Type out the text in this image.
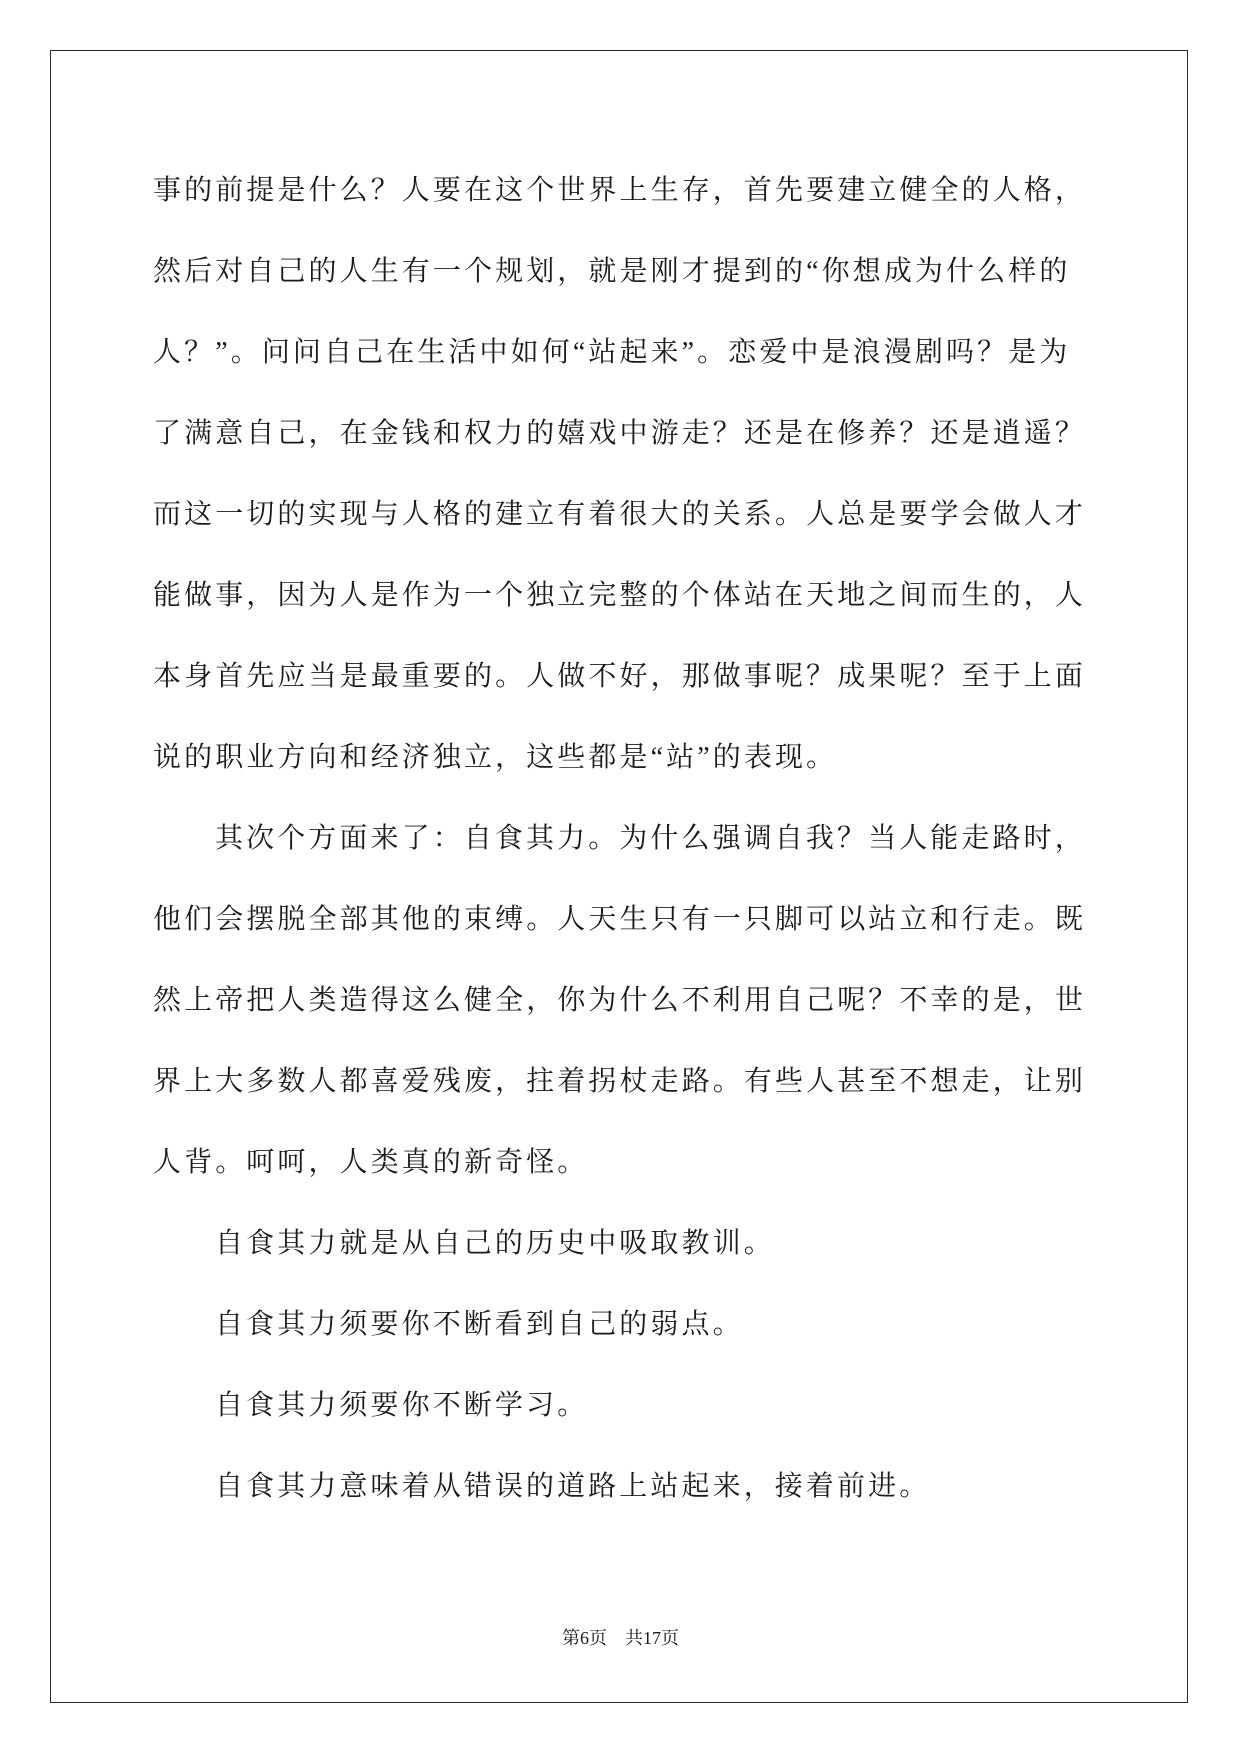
事的前提是什么？人要在这个世界上生存，首先要建立健全的人格，
然后对自己的人生有一个规划，就是刚才提到的“你想成为什么样的
人？”。问问自己在生活中如何“站起来”。恋爱中是浪漫剧吗？是为
了满意自己，在金钱和权力的嬉戏中游走？还是在修养？还是逍遥？
而这一切的实现与人格的建立有着很大的关系。人总是要学会做人才
能做事，因为人是作为一个独立完整的个体站在天地之间而生的，人
本身首先应当是最重要的。人做不好，那做事呢？成果呢？至于上面
说的职业方向和经济独立，这些都是“站”的表现。
其次个方面来了：自食其力。为什么强调自我？当人能走路时，
他们会摆脱全部其他的束缚。人天生只有一只脚可以站立和行走。既
然上帝把人类造得这么健全，你为什么不利用自己呢？不幸的是，世
界上大多数人都喜爱残废，拄着拐杖走路。有些人甚至不想走，让别
人背。呵呵，人类真的新奇怪。
自食其力就是从自己的历史中吸取教训。
自食其力须要你不断看到自己的弱点。
自食其力须要你不断学习。
自食其力意味着从错误的道路上站起来，接着前进。
第6页 共17页
